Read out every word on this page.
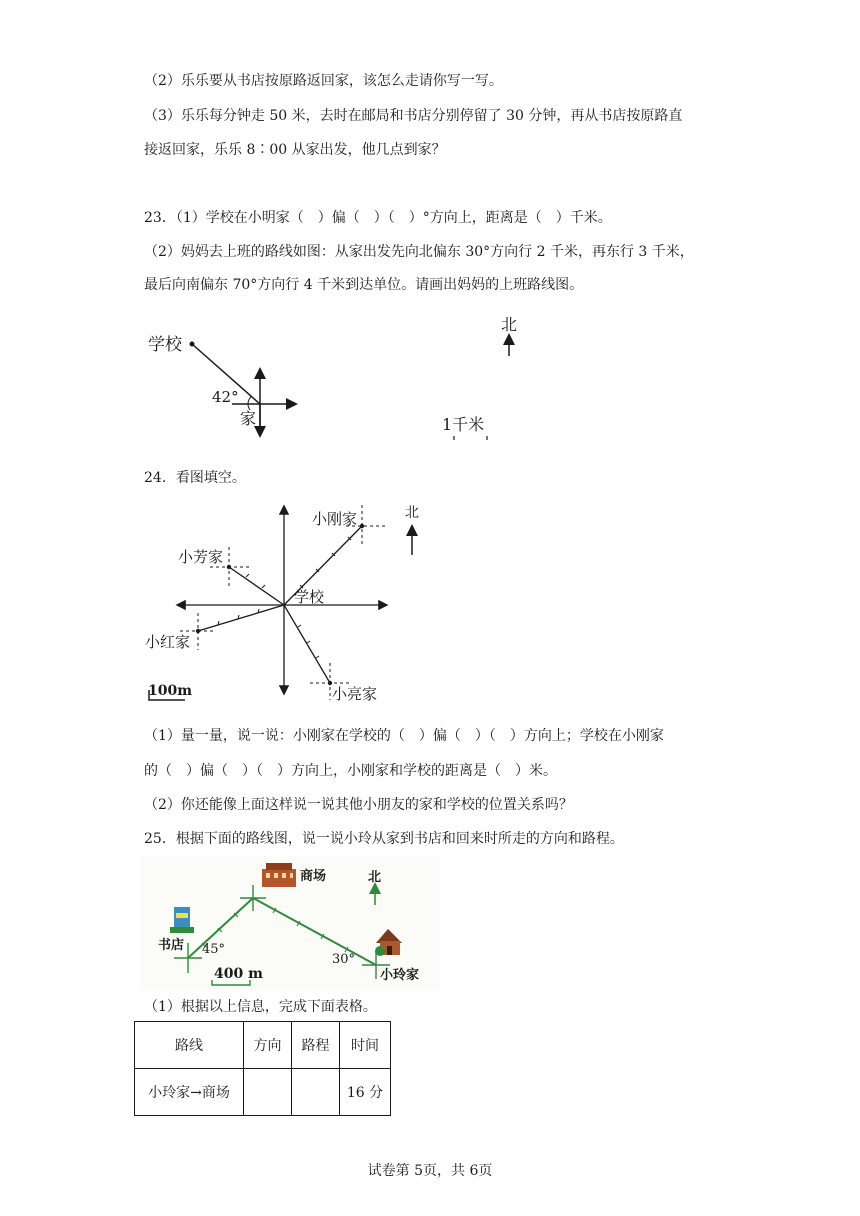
（2）乐乐要从书店按原路返回家，该怎么走请你写一写。
（3）乐乐每分钟走 50 米，去时在邮局和书店分别停留了 30 分钟，再从书店按原路直
接返回家，乐乐 8∶00 从家出发，他几点到家？
23．（1）学校在小明家（　）偏（　）（　）°方向上，距离是（　）千米。
（2）妈妈去上班的路线如图：从家出发先向北偏东 30°方向行 2 千米，再东行 3 千米，
最后向南偏东 70°方向行 4 千米到达单位。请画出妈妈的上班路线图。
学校
42°
家
北
1千米
24．看图填空。
小刚家
小芳家
小红家
小亮家
学校
北
100m
（1）量一量，说一说：小刚家在学校的（　）偏（　）（　）方向上；学校在小刚家
的（　）偏（　）（　）方向上，小刚家和学校的距离是（　）米。
（2）你还能像上面这样说一说其他小朋友的家和学校的位置关系吗？
25．根据下面的路线图，说一说小玲从家到书店和回来时所走的方向和路程。
商场
书店 45°
30°
小玲家
北
400 m
（1）根据以上信息，完成下面表格。
路线	方向	路程	时间
小玲家→商场			16 分
试卷第 5页，共 6页
